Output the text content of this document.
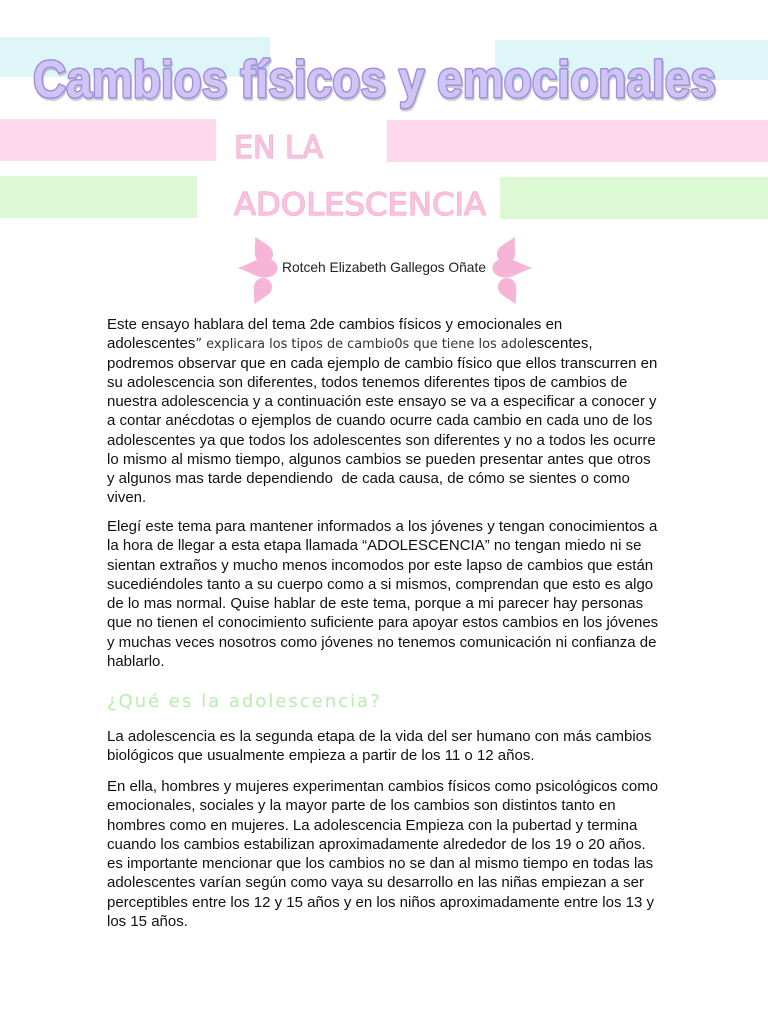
Cambios físicos y emocionales
EN LA
ADOLESCENCIA
Rotceh Elizabeth Gallegos Oñate
Este ensayo hablara del tema 2de cambios físicos y emocionales en
adolescentes” explicara los tipos de cambio0s que tiene los adolescentes,
podremos observar que en cada ejemplo de cambio físico que ellos transcurren en
su adolescencia son diferentes, todos tenemos diferentes tipos de cambios de
nuestra adolescencia y a continuación este ensayo se va a especificar a conocer y
a contar anécdotas o ejemplos de cuando ocurre cada cambio en cada uno de los
adolescentes ya que todos los adolescentes son diferentes y no a todos les ocurre
lo mismo al mismo tiempo, algunos cambios se pueden presentar antes que otros
y algunos mas tarde dependiendo  de cada causa, de cómo se sientes o como
viven.
Elegí este tema para mantener informados a los jóvenes y tengan conocimientos a
la hora de llegar a esta etapa llamada “ADOLESCENCIA” no tengan miedo ni se
sientan extraños y mucho menos incomodos por este lapso de cambios que están
sucediéndoles tanto a su cuerpo como a si mismos, comprendan que esto es algo
de lo mas normal. Quise hablar de este tema, porque a mi parecer hay personas
que no tienen el conocimiento suficiente para apoyar estos cambios en los jóvenes
y muchas veces nosotros como jóvenes no tenemos comunicación ni confianza de
hablarlo.
¿Qué es la adolescencia?
La adolescencia es la segunda etapa de la vida del ser humano con más cambios
biológicos que usualmente empieza a partir de los 11 o 12 años.
En ella, hombres y mujeres experimentan cambios físicos como psicológicos como
emocionales, sociales y la mayor parte de los cambios son distintos tanto en
hombres como en mujeres. La adolescencia Empieza con la pubertad y termina
cuando los cambios estabilizan aproximadamente alrededor de los 19 o 20 años.
es importante mencionar que los cambios no se dan al mismo tiempo en todas las
adolescentes varían según como vaya su desarrollo en las niñas empiezan a ser
perceptibles entre los 12 y 15 años y en los niños aproximadamente entre los 13 y
los 15 años.
